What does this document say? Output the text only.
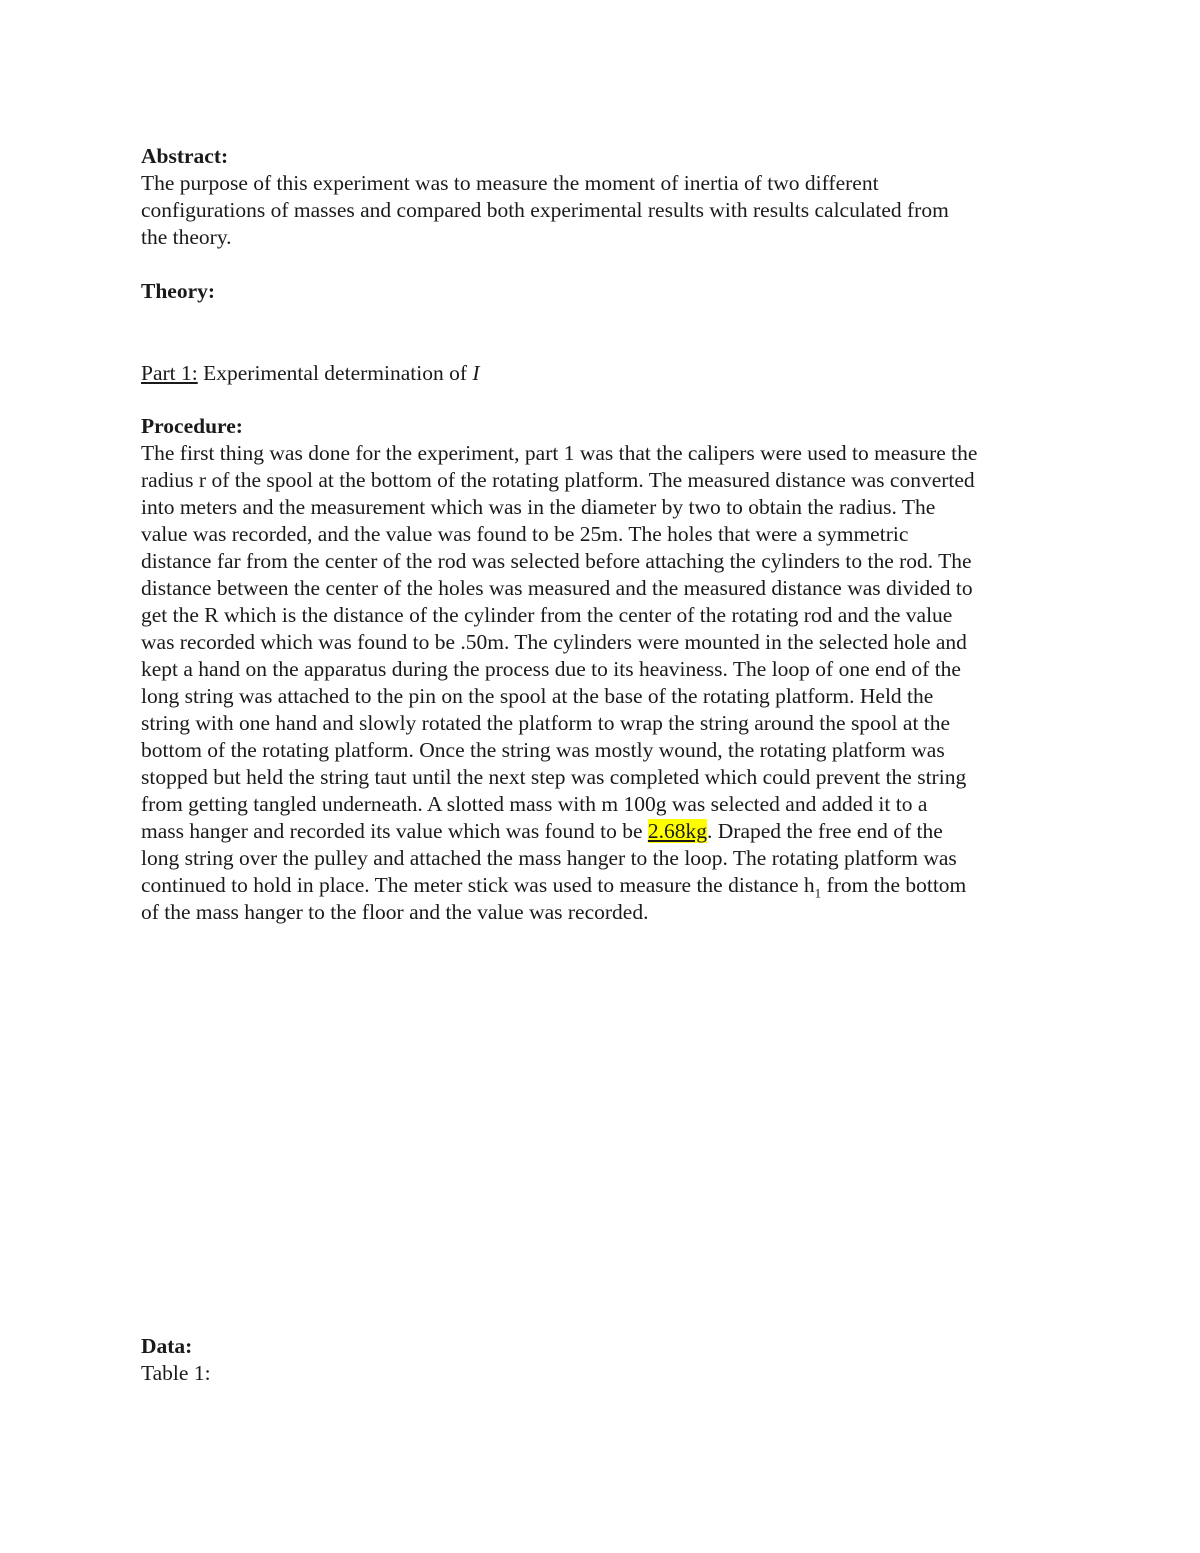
Abstract:
The purpose of this experiment was to measure the moment of inertia of two different
configurations of masses and compared both experimental results with results calculated from
the theory.
Theory:
Part 1: Experimental determination of I
Procedure:
The first thing was done for the experiment, part 1 was that the calipers were used to measure the
radius r of the spool at the bottom of the rotating platform. The measured distance was converted
into meters and the measurement which was in the diameter by two to obtain the radius. The
value was recorded, and the value was found to be 25m. The holes that were a symmetric
distance far from the center of the rod was selected before attaching the cylinders to the rod. The
distance between the center of the holes was measured and the measured distance was divided to
get the R which is the distance of the cylinder from the center of the rotating rod and the value
was recorded which was found to be .50m. The cylinders were mounted in the selected hole and
kept a hand on the apparatus during the process due to its heaviness. The loop of one end of the
long string was attached to the pin on the spool at the base of the rotating platform. Held the
string with one hand and slowly rotated the platform to wrap the string around the spool at the
bottom of the rotating platform. Once the string was mostly wound, the rotating platform was
stopped but held the string taut until the next step was completed which could prevent the string
from getting tangled underneath. A slotted mass with m 100g was selected and added it to a
mass hanger and recorded its value which was found to be 2.68kg. Draped the free end of the
long string over the pulley and attached the mass hanger to the loop. The rotating platform was
continued to hold in place. The meter stick was used to measure the distance $h_1$ from the bottom
of the mass hanger to the floor and the value was recorded.
Data:
Table 1:
